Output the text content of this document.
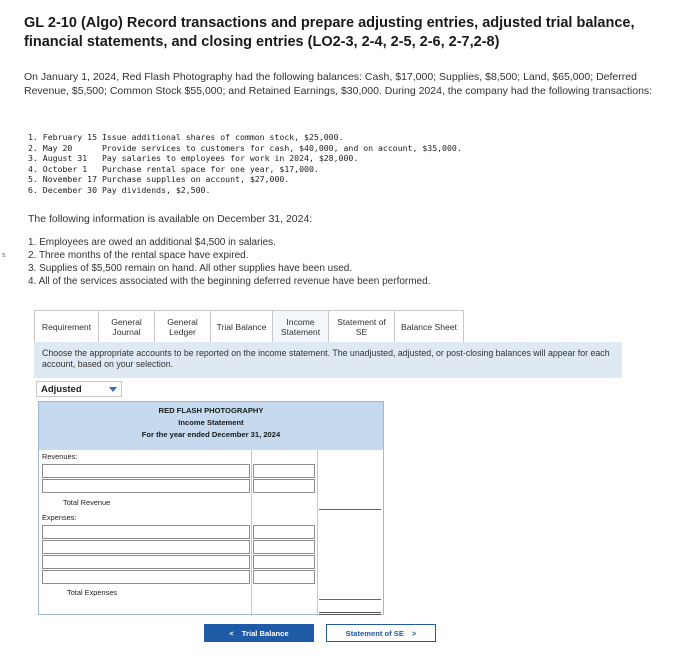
GL 2-10 (Algo) Record transactions and prepare adjusting entries, adjusted trial balance, financial statements, and closing entries (LO2-3, 2-4, 2-5, 2-6, 2-7,2-8)
On January 1, 2024, Red Flash Photography had the following balances: Cash, $17,000; Supplies, $8,500; Land, $65,000; Deferred Revenue, $5,500; Common Stock $55,000; and Retained Earnings, $30,000. During 2024, the company had the following transactions:
1. February 15 Issue additional shares of common stock, $25,000.
2. May 20      Provide services to customers for cash, $40,000, and on account, $35,000.
3. August 31   Pay salaries to employees for work in 2024, $28,000.
4. October 1   Purchase rental space for one year, $17,000.
5. November 17 Purchase supplies on account, $27,000.
6. December 30 Pay dividends, $2,500.
The following information is available on December 31, 2024:
1. Employees are owed an additional $4,500 in salaries.
2. Three months of the rental space have expired.
3. Supplies of $5,500 remain on hand. All other supplies have been used.
4. All of the services associated with the beginning deferred revenue have been performed.
s
Requirement	General Journal
General Ledger	Trial Balance	Income Statement
Statement of SE	Balance Sheet
Choose the appropriate accounts to be reported on the income statement. The unadjusted, adjusted, or post-closing balances will appear for each account, based on your selection.
Adjusted
RED FLASH PHOTOGRAPHY
Income Statement
For the year ended December 31, 2024
Revenues:
Total Revenue
Expenses:
Total Expenses
< Trial Balance	Statement of SE >
